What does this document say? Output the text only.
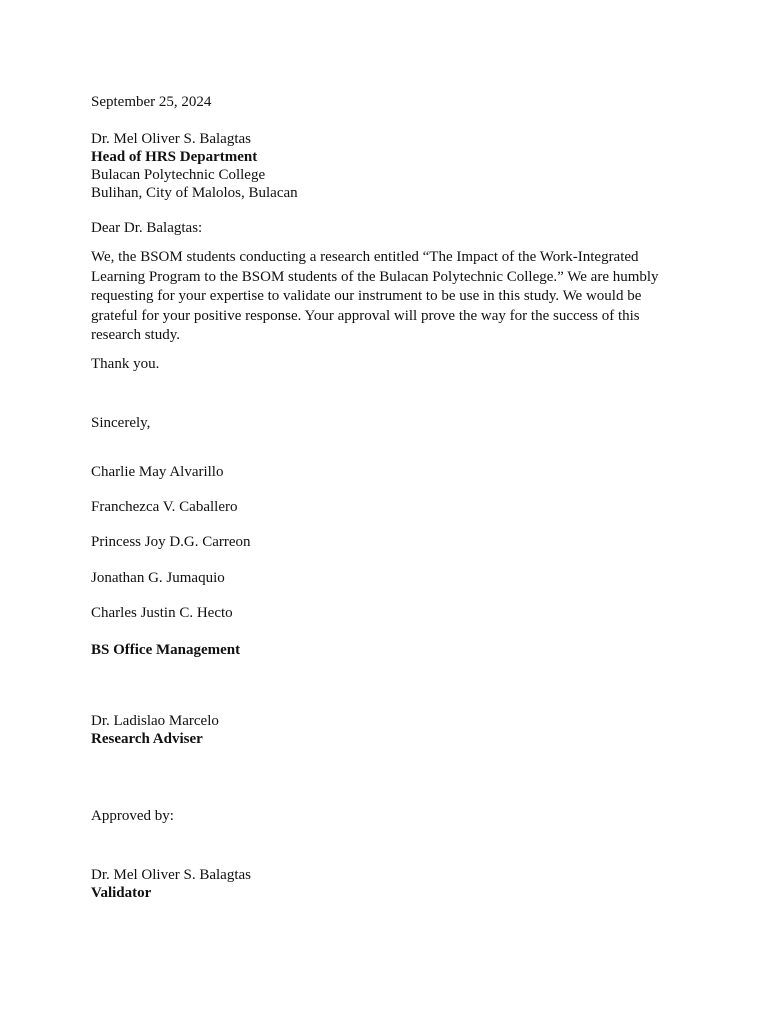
September 25, 2024

Dr. Mel Oliver S. Balagtas

Head of HRS Department

Bulacan Polytechnic College

Bulihan, City of Malolos, Bulacan

Dear Dr. Balagtas:

We, the BSOM students conducting a research entitled “The Impact of the Work-Integrated Learning Program to the BSOM students of the Bulacan Polytechnic College.” We are humbly requesting for your expertise to validate our instrument to be use in this study. We would be grateful for your positive response. Your approval will prove the way for the success of this research study.

Thank you.

Sincerely,

Charlie May Alvarillo

Franchezca V. Caballero

Princess Joy D.G. Carreon

Jonathan G. Jumaquio

Charles Justin C. Hecto

BS Office Management

Dr. Ladislao Marcelo

Research Adviser

Approved by:

Dr. Mel Oliver S. Balagtas

Validator
